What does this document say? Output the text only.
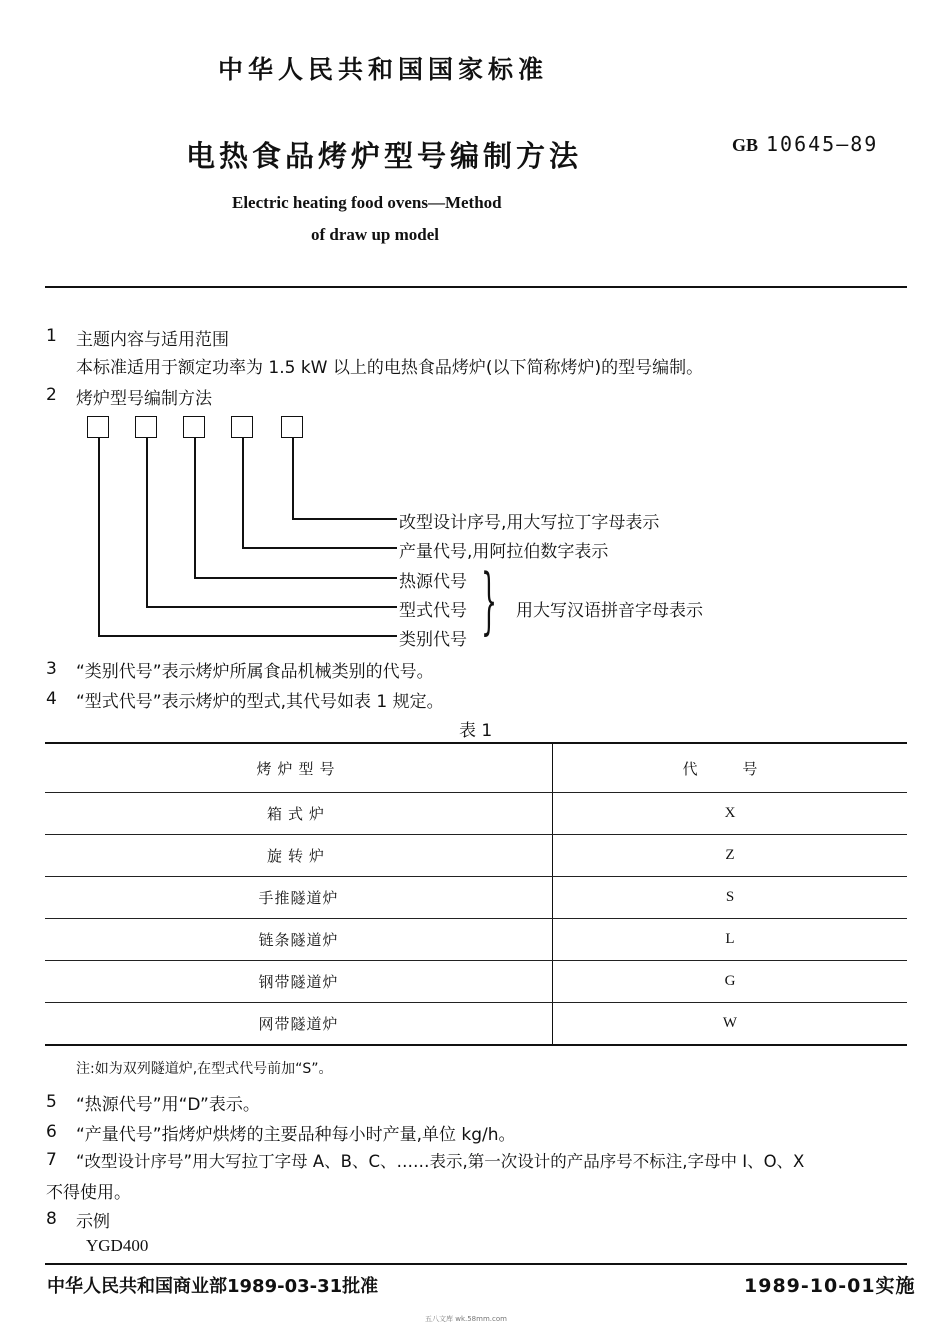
中华人民共和国国家标准
电热食品烤炉型号编制方法	GB 10645—89
Electric heating food ovens—Method
of draw up model
1 主题内容与适用范围
本标准适用于额定功率为 1.5 kW 以上的电热食品烤炉(以下简称烤炉)的型号编制。
2 烤炉型号编制方法
改型设计序号,用大写拉丁字母表示
产量代号,用阿拉伯数字表示
热源代号
型式代号
类别代号 } 用大写汉语拼音字母表示
3 “类别代号”表示烤炉所属食品机械类别的代号。
4 “型式代号”表示烤炉的型式,其代号如表 1 规定。
表 1
烤炉型号	代 号
箱式炉	X
旋转炉	Z
手推隧道炉	S
链条隧道炉	L
钢带隧道炉	G
网带隧道炉	W
注:如为双列隧道炉,在型式代号前加“S”。
5 “热源代号”用“D”表示。
6 “产量代号”指烤炉烘烤的主要品种每小时产量,单位 kg/h。
7 “改型设计序号”用大写拉丁字母 A、B、C、……表示,第一次设计的产品序号不标注,字母中 I、O、X
不得使用。
8 示例
YGD400
中华人民共和国商业部1989-03-31批准	1989-10-01实施
五八文库 wk.58mm.com
